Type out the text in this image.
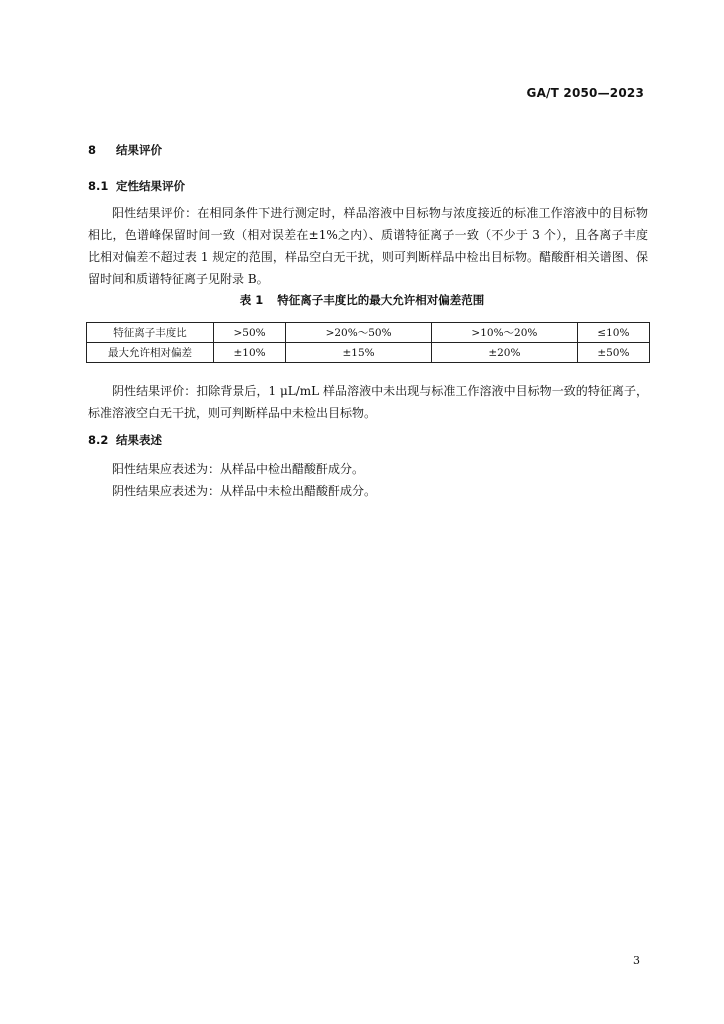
GA/T 2050—2023
8 结果评价
8.1 定性结果评价

阳性结果评价：在相同条件下进行测定时，样品溶液中目标物与浓度接近的标准工作溶液中的目标物相比，色谱峰保留时间一致（相对误差在±1%之内）、质谱特征离子一致（不少于 3 个），且各离子丰度比相对偏差不超过表 1 规定的范围，样品空白无干扰，则可判断样品中检出目标物。醋酸酐相关谱图、保留时间和质谱特征离子见附录 B。

表 1 特征离子丰度比的最大允许相对偏差范围
特征离子丰度比	>50%	>20%～50%	>10%～20%	≤10%
最大允许相对偏差	±10%	±15%	±20%	±50%

阴性结果评价：扣除背景后，1 μL/mL 样品溶液中未出现与标准工作溶液中目标物一致的特征离子，标准溶液空白无干扰，则可判断样品中未检出目标物。

8.2 结果表述

阳性结果应表述为：从样品中检出醋酸酐成分。

阴性结果应表述为：从样品中未检出醋酸酐成分。

3
